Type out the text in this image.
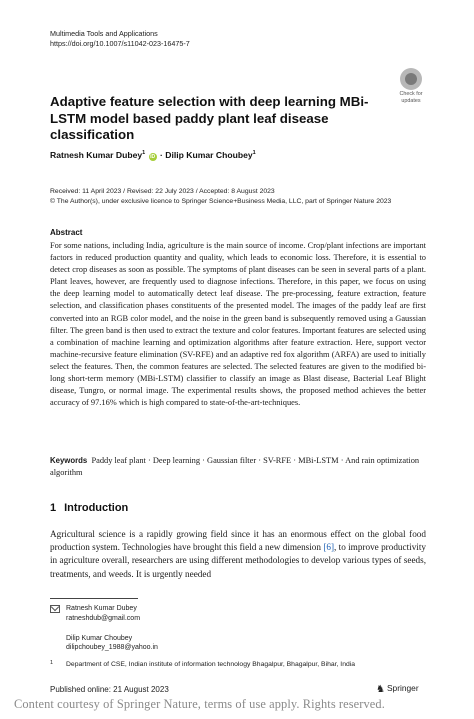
Multimedia Tools and Applications
https://doi.org/10.1007/s11042-023-16475-7
Check for
updates
Adaptive feature selection with deep learning MBi-LSTM model based paddy plant leaf disease classification
Ratnesh Kumar Dubey$^1$ iD · Dilip Kumar Choubey$^1$
Received: 11 April 2023 / Revised: 22 July 2023 / Accepted: 8 August 2023
© The Author(s), under exclusive licence to Springer Science+Business Media, LLC, part of Springer Nature 2023
Abstract
For some nations, including India, agriculture is the main source of income. Crop/plant infections are important factors in reduced production quantity and quality, which leads to economic loss. Therefore, it is essential to detect crop diseases as soon as possible. The symptoms of plant diseases can be seen in several parts of a plant. Plant leaves, however, are frequently used to diagnose infections. Therefore, in this paper, we focus on using the deep learning model to automatically detect leaf disease. The pre-processing, feature extraction, feature selection, and classification phases constituents of the presented model. The images of the paddy leaf are first converted into an RGB color model, and the noise in the green band is subsequently removed using a Gaussian filter. The green band is then used to extract the texture and color features. Important features are selected using a combination of machine learning and optimization algorithms after feature extraction. Here, support vector machine-recursive feature elimination (SV-RFE) and an adaptive red fox algorithm (ARFA) are used to initially select the features. Then, the common features are selected. The selected features are given to the modified bi-long short-term memory (MBi-LSTM) classifier to classify an image as Blast disease, Bacterial Leaf Blight disease, Tungro, or normal image. The experimental results shows, the proposed method achieves the better accuracy of 97.16% which is high compared to state-of-the-art-techniques.
Keywords Paddy leaf plant · Deep learning · Gaussian filter · SV-RFE · MBi-LSTM · And rain optimization algorithm
1 Introduction
Agricultural science is a rapidly growing field since it has an enormous effect on the global food production system. Technologies have brought this field a new dimension [6], to improve productivity in agriculture overall, researchers are using different methodologies to develop various types of seeds, treatments, and weeds. It is urgently needed
Ratnesh Kumar Dubey
ratneshdub@gmail.com
Dilip Kumar Choubey
dilipchoubey_1988@yahoo.in
1 Department of CSE, Indian institute of information technology Bhagalpur, Bhagalpur, Bihar, India
Published online: 21 August 2023	♞ Springer
Content courtesy of Springer Nature, terms of use apply. Rights reserved.
